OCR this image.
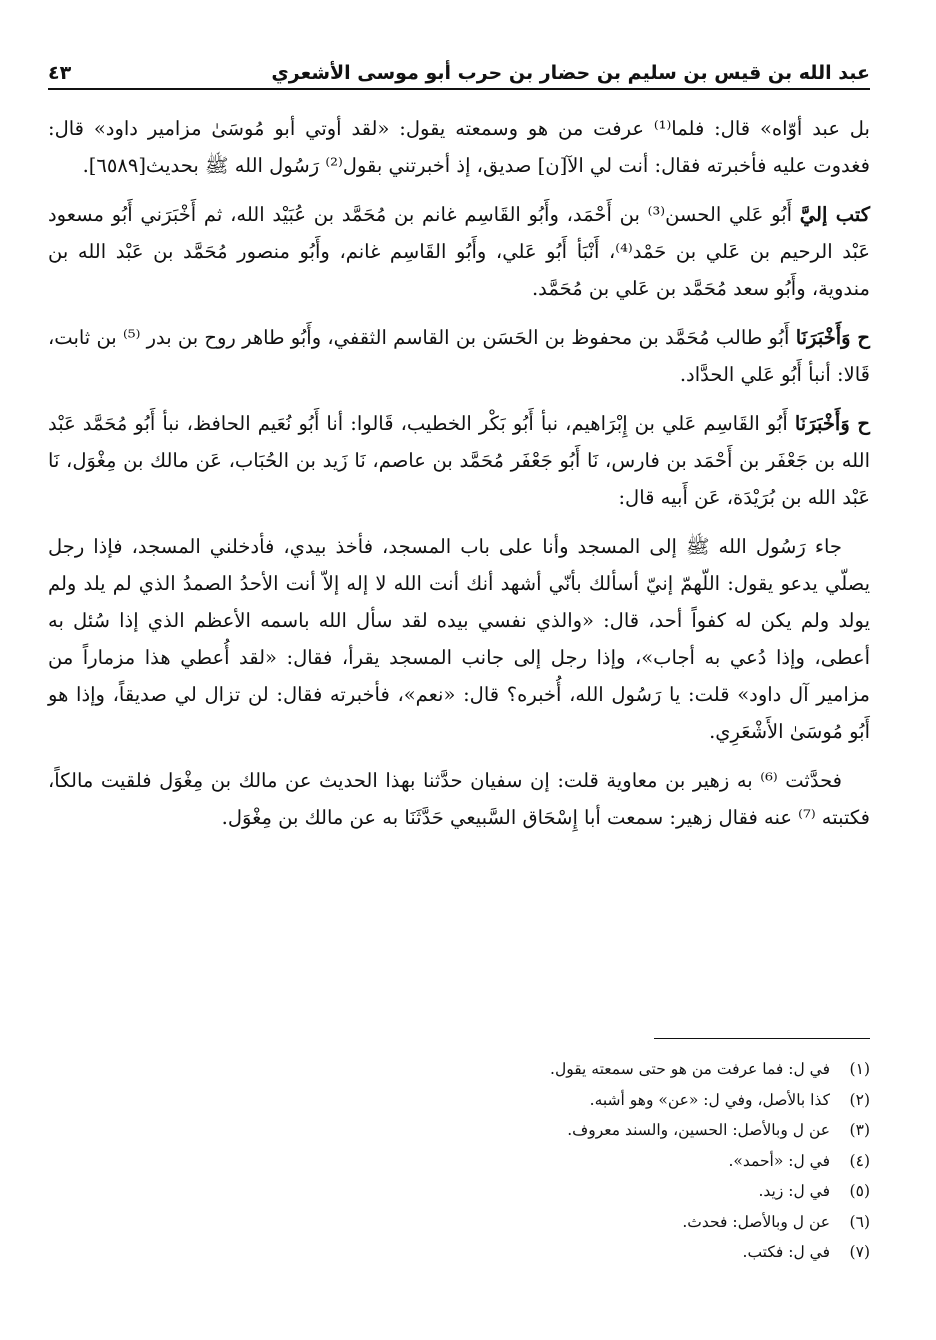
عبد الله بن قيس بن سليم بن حضار بن حرب أبو موسى الأشعري
٤٣

بل عبد أوّاه» قال: فلما⁽¹⁾ عرفت من هو وسمعته يقول: «لقد أوتي أبو مُوسَىٰ مزامير داود» قال: فغدوت عليه فأخبرته فقال: أنت لي الآ[ن] صديق، إذ أخبرتني بقول⁽²⁾ رَسُول الله ﷺ بحديث[٦٥٨٩].

كتب إليَّ أَبُو عَلي الحسن⁽³⁾ بن أَحْمَد، وأَبُو القَاسِم غانم بن مُحَمَّد بن عُبَيْد الله، ثم أَخْبَرَني أَبُو مسعود عَبْد الرحيم بن عَلي بن حَمْد⁽⁴⁾، أَنْبَأ أَبُو عَلي، وأَبُو القَاسِم غانم، وأَبُو منصور مُحَمَّد بن عَبْد الله بن مندوية، وأَبُو سعد مُحَمَّد بن عَلي بن مُحَمَّد.

ح وَأَخْبَرَنَا أَبُو طالب مُحَمَّد بن محفوظ بن الحَسَن بن القاسم الثقفي، وأَبُو طاهر روح بن بدر ⁽⁵⁾ بن ثابت، قَالا: أنبأ أَبُو عَلي الحدَّاد.

ح وَأَخْبَرَنَا أَبُو القَاسِم عَلي بن إِبْرَاهيم، نبأ أَبُو بَكْر الخطيب، قَالوا: أنا أَبُو نُعَيم الحافظ، نبأ أَبُو مُحَمَّد عَبْد الله بن جَعْفَر بن أَحْمَد بن فارس، نَا أَبُو جَعْفَر مُحَمَّد بن عاصم، نَا زَيد بن الحُبَاب، عَن مالك بن مِغْوَل، نَا عَبْد الله بن بُرَيْدَة، عَن أَبيه قال:

جاء رَسُول الله ﷺ إلى المسجد وأنا على باب المسجد، فأخذ بيدي، فأدخلني المسجد، فإذا رجل يصلّي يدعو يقول: اللّهمّ إنيّ أسألك بأنّي أشهد أنك أنت الله لا إله إلاّ أنت الأحدُ الصمدُ الذي لم يلد ولم يولد ولم يكن له كفواً أحد، قال: «والذي نفسي بيده لقد سأل الله باسمه الأعظم الذي إذا سُئل به أعطى، وإذا دُعي به أجاب»، وإذا رجل إلى جانب المسجد يقرأ، فقال: «لقد أُعطي هذا مزماراً من مزامير آل داود» قلت: يا رَسُول الله، أُخبره؟ قال: «نعم»، فأخبرته فقال: لن تزال لي صديقاً، وإذا هو أَبُو مُوسَىٰ الأَشْعَرِي.

فحدَّثت ⁽⁶⁾ به زهير بن معاوية قلت: إن سفيان حدَّثنا بهذا الحديث عن مالك بن مِغْوَل فلقيت مالكاً، فكتبته ⁽⁷⁾ عنه فقال زهير: سمعت أبا إِسْحَاق السَّبيعي حَدَّثَنَا به عن مالك بن مِغْوَل.

(١)
في ل: فما عرفت من هو حتى سمعته يقول.
(٢)
كذا بالأصل، وفي ل: «عن» وهو أشبه.
(٣)
عن ل وبالأصل: الحسين، والسند معروف.
(٤)
في ل: «أحمد».
(٥)
في ل: زيد.
(٦)
عن ل وبالأصل: فحدث.
(٧)
في ل: فكتب.
